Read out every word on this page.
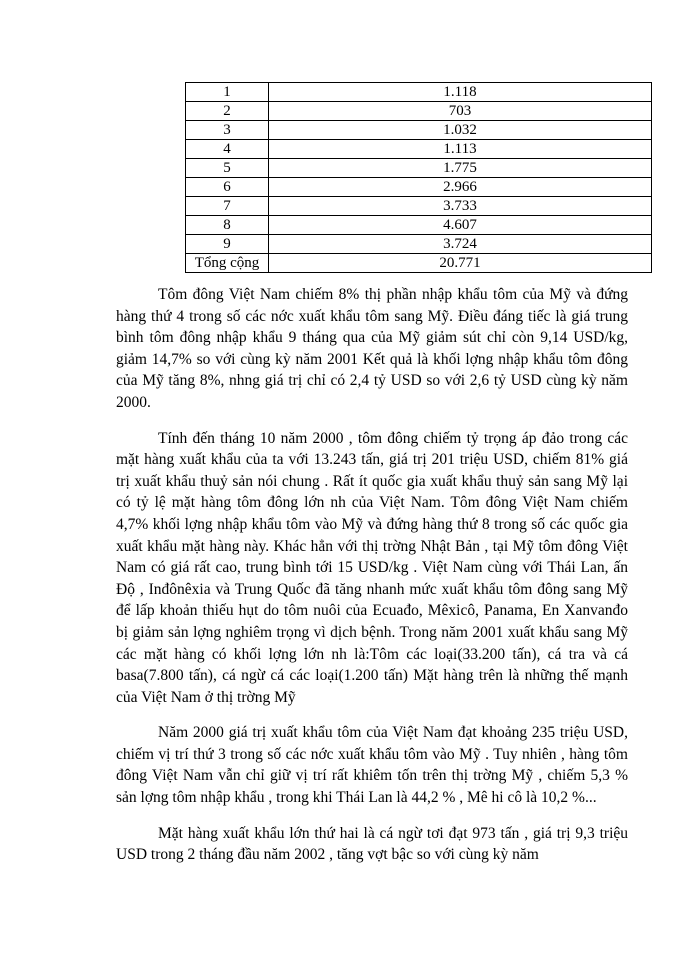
1	1.118
2	703
3	1.032
4	1.113
5	1.775
6	2.966
7	3.733
8	4.607
9	3.724
Tổng cộng	20.771

Tôm đông Việt Nam chiếm 8% thị phần nhập khẩu tôm của Mỹ và đứng hàng thứ 4 trong số các nớc xuất khẩu tôm sang Mỹ. Điều đáng tiếc là giá trung bình tôm đông nhập khẩu 9 tháng qua của Mỹ giảm sút chỉ còn 9,14 USD/kg, giảm 14,7% so với cùng kỳ năm 2001 Kết quả là khối lợng nhập khẩu tôm đông của Mỹ tăng 8%, nhng giá trị chỉ có 2,4 tỷ USD so với 2,6 tỷ USD cùng kỳ năm 2000.

Tính đến tháng 10 năm 2000 , tôm đông chiếm tỷ trọng áp đảo trong các mặt hàng xuất khẩu của ta với 13.243 tấn, giá trị 201 triệu USD, chiếm 81% giá trị xuất khẩu thuỷ sản nói chung . Rất ít quốc gia xuất khẩu thuỷ sản sang Mỹ lại có tỷ lệ mặt hàng tôm đông lớn nh của Việt Nam. Tôm đông Việt Nam chiếm 4,7% khối lợng nhập khẩu tôm vào Mỹ và đứng hàng thứ 8 trong số các quốc gia xuất khẩu mặt hàng này. Khác hẳn với thị trờng Nhật Bản , tại Mỹ tôm đông Việt Nam có giá rất cao, trung bình tới 15 USD/kg . Việt Nam cùng với Thái Lan, ấn Độ , Inđônêxia và Trung Quốc đã tăng nhanh mức xuất khẩu tôm đông sang Mỹ để lấp khoản thiếu hụt do tôm nuôi của Ecuađo, Mêxicô, Panama, En Xanvanđo bị giảm sản lợng nghiêm trọng vì dịch bệnh. Trong năm 2001 xuất khẩu sang Mỹ các mặt hàng có khối lợng lớn nh là:Tôm các loại(33.200 tấn), cá tra và cá basa(7.800 tấn), cá ngừ cá các loại(1.200 tấn) Mặt hàng trên là những thế mạnh của Việt Nam ở thị trờng Mỹ

Năm 2000 giá trị xuất khẩu tôm của Việt Nam đạt khoảng 235 triệu USD, chiếm vị trí thứ 3 trong số các nớc xuất khẩu tôm vào Mỹ . Tuy nhiên , hàng tôm đông Việt Nam vẫn chỉ giữ vị trí rất khiêm tốn trên thị trờng Mỹ , chiếm 5,3 % sản lợng tôm nhập khẩu , trong khi Thái Lan là 44,2 % , Mê hi cô là 10,2 %...

Mặt hàng xuất khẩu lớn thứ hai là cá ngừ tơi đạt 973 tấn , giá trị 9,3 triệu USD trong 2 tháng đầu năm 2002 , tăng vợt bậc so với cùng kỳ năm
